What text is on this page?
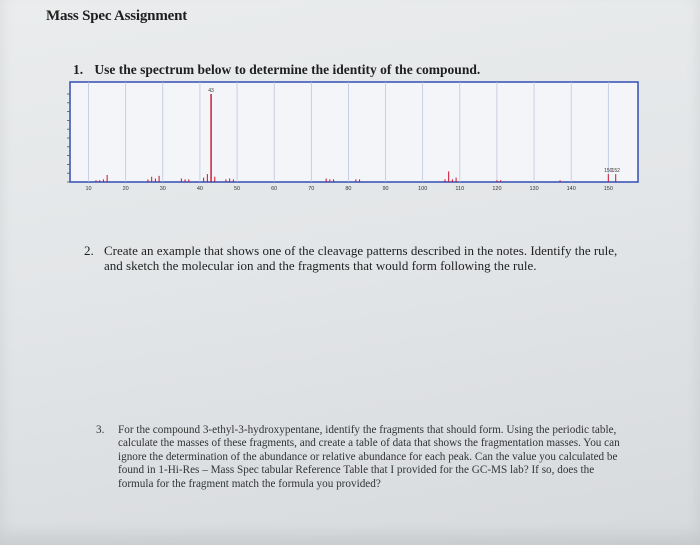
Mass Spec Assignment
1. Use the spectrum below to determine the identity of the compound.
43
150 152
10	20	30	40	50	60	70	80	90	100	110	120	130	140	150
2. Create an example that shows one of the cleavage patterns described in the notes. Identify the rule, and sketch the molecular ion and the fragments that would form following the rule.
3.	For the compound 3-ethyl-3-hydroxypentane, identify the fragments that should form. Using the periodic table, calculate the masses of these fragments, and create a table of data that shows the fragmentation masses. You can ignore the determination of the abundance or relative abundance for each peak. Can the value you calculated be found in 1-Hi-Res – Mass Spec tabular Reference Table that I provided for the GC-MS lab? If so, does the formula for the fragment match the formula you provided?
